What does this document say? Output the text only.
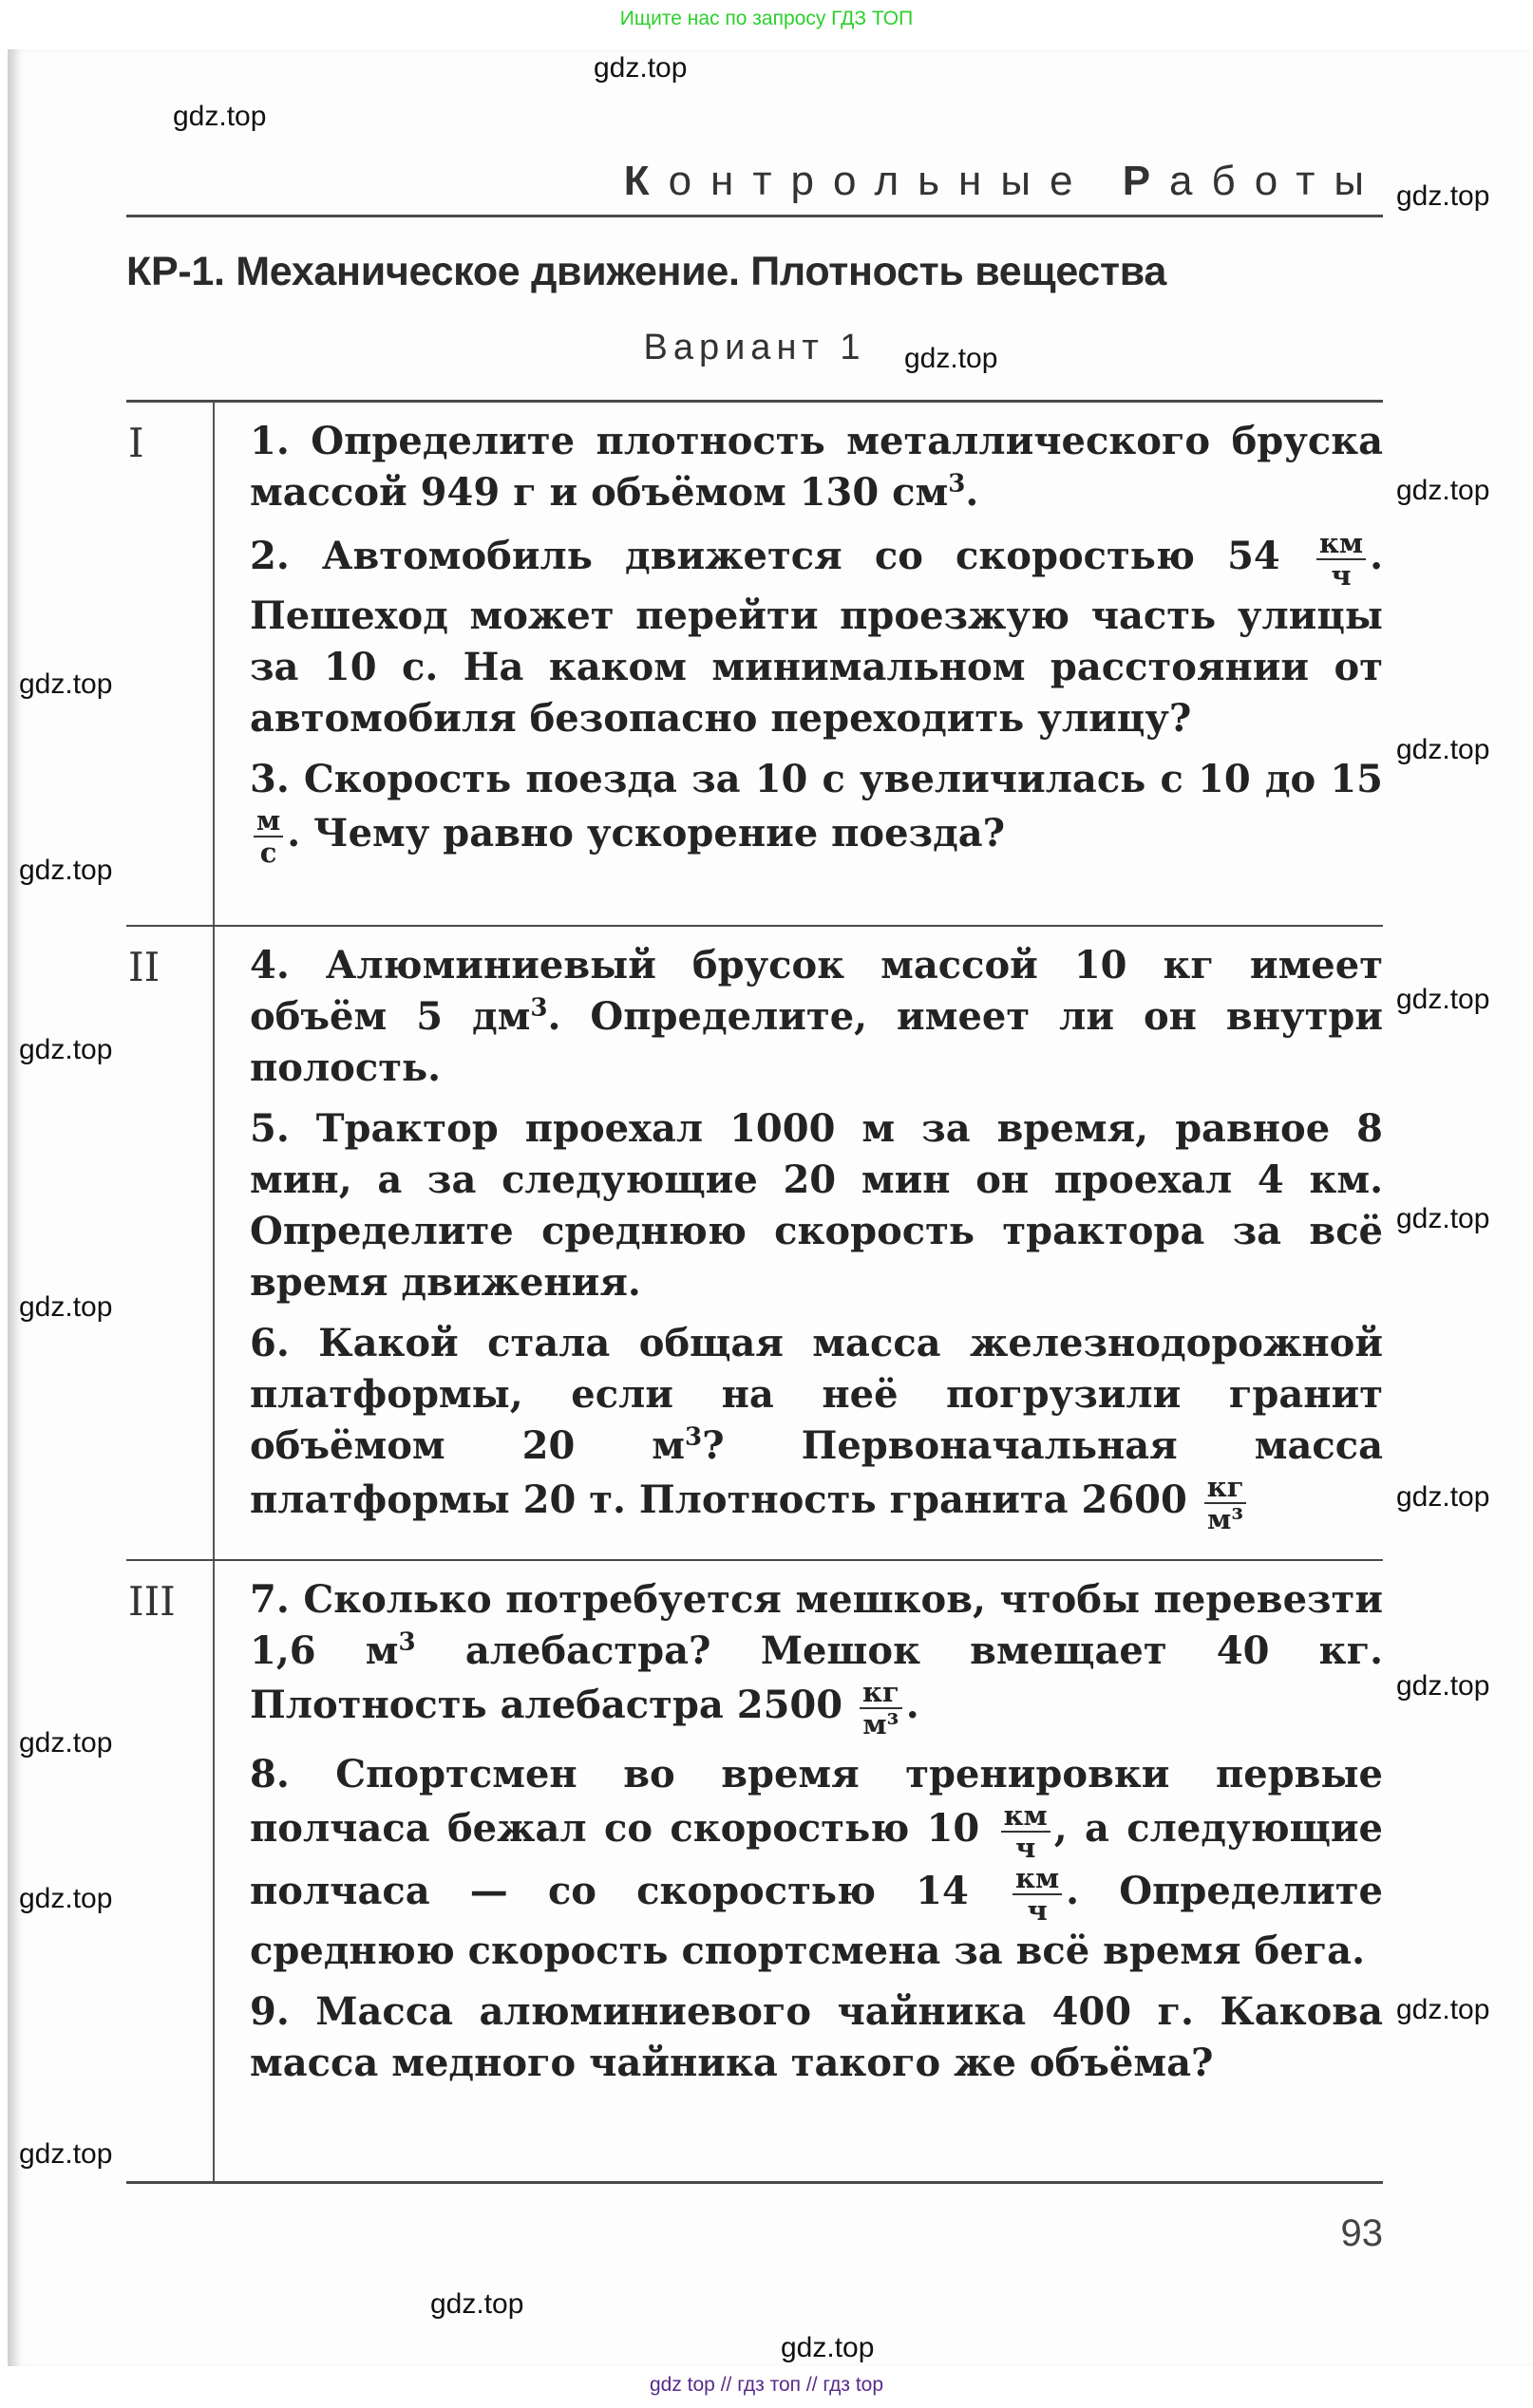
Ищите нас по запросу ГДЗ ТОП
Контрольные Работы
КР-1. Механическое движение. Плотность вещества
Вариант 1
I	1. Определите плотность металлического бруска массой 949 г и объёмом 130 $см^3$.
2. Автомобиль движется со скоростью $54 \frac{км}{ч}$ . Пешеход может перейти проезжую часть улицы за 10 с. На каком минимальном расстоянии от автомобиля безопасно переходить улицу?
3. Скорость поезда за 10 с увеличилась с 10 до 15
$\frac{м}{с}$ . Чему равно ускорение поезда?
II	4. Алюминиевый брусок массой 10 кг имеет объём 5 $дм^3$. Определите, имеет ли он внутри полость.
5. Трактор проехал 1000 м за время, равное 8 мин, а за следующие 20 мин он проехал 4 км. Определите среднюю скорость трактора за всё время движения.
6. Какой стала общая масса железнодорожной платформы, если на неё погрузили гранит объёмом 20 $м^3$? Первоначальная масса платформы 20 т. Плотность гранита $2600 \frac{кг}{\text{м³}}$
III	7. Сколько потребуется мешков, чтобы перевезти 1,6 $м^3$ алебастра? Мешок вмещает 40 кг. Плотность алебастра $2500 \frac{кг}{\text{м³}}$ .
8. Спортсмен во время тренировки первые полчаса бежал со скоростью $10 \frac{км}{ч}$ , а следующие полчаса — со скоростью $14 \frac{км}{ч}$ . Определите среднюю скорость спортсмена за всё время бега.
9. Масса алюминиевого чайника 400 г. Какова масса медного чайника такого же объёма?
93
gdz.top
gdz.top
gdz.top
gdz.top
gdz.top
gdz.top
gdz.top
gdz.top
gdz.top
gdz.top
gdz.top
gdz.top
gdz.top
gdz.top
gdz.top
gdz.top
gdz.top
gdz.top
gdz.top
gdz.top
gdz top // гдз топ // гдз top
